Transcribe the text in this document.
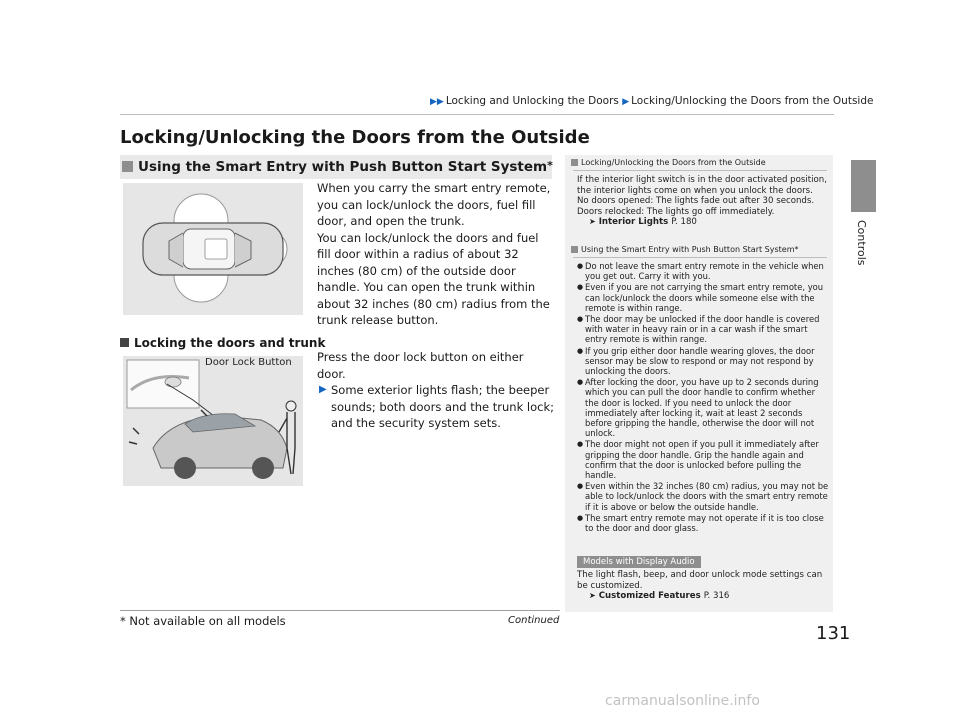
▶▶ Locking and Unlocking the Doors ▶ Locking/Unlocking the Doors from the Outside
Controls
Locking/Unlocking the Doors from the Outside
Using the Smart Entry with Push Button Start System*

When you carry the smart entry remote, you can lock/unlock the doors, fuel fill door, and open the trunk.

You can lock/unlock the doors and fuel fill door within a radius of about 32 inches (80 cm) of the outside door handle. You can open the trunk within about 32 inches (80 cm) radius from the trunk release button.

Locking the doors and trunk
Door Lock Button Press the door lock button on either door.
▶ Some exterior lights flash; the beeper sounds; both doors and the trunk lock; and the security system sets.
Locking/Unlocking the Doors from the Outside

If the interior light switch is in the door activated position, the interior lights come on when you unlock the doors.

No doors opened: The lights fade out after 30 seconds.

Doors relocked: The lights go off immediately.

➤ Interior Lights P. 180

Using the Smart Entry with Push Button Start System*
● Do not leave the smart entry remote in the vehicle when you get out. Carry it with you.
● Even if you are not carrying the smart entry remote, you can lock/unlock the doors while someone else with the remote is within range.
● The door may be unlocked if the door handle is covered with water in heavy rain or in a car wash if the smart entry remote is within range.
● If you grip either door handle wearing gloves, the door sensor may be slow to respond or may not respond by unlocking the doors.
● After locking the door, you have up to 2 seconds during which you can pull the door handle to confirm whether the door is locked. If you need to unlock the door immediately after locking it, wait at least 2 seconds before gripping the handle, otherwise the door will not unlock.
● The door might not open if you pull it immediately after gripping the door handle. Grip the handle again and confirm that the door is unlocked before pulling the handle.
● Even within the 32 inches (80 cm) radius, you may not be able to lock/unlock the doors with the smart entry remote if it is above or below the outside handle.
● The smart entry remote may not operate if it is too close to the door and door glass.
Models with Display Audio

The light flash, beep, and door unlock mode settings can be customized.

➤ Customized Features P. 316

* Not available on all models	Continued
131
carmanualsonline.info
